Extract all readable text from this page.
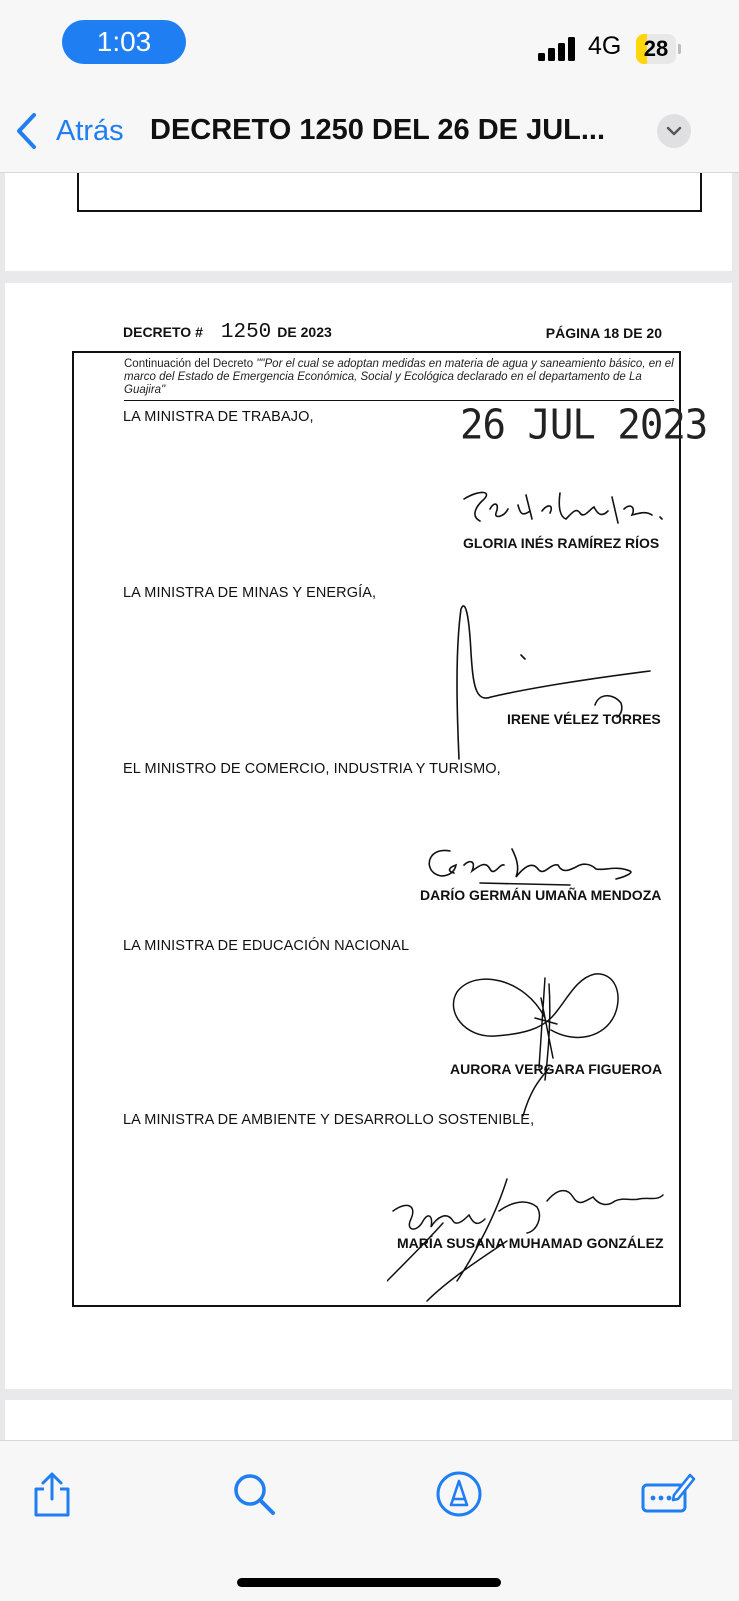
1:03	4G	28
Atrás DECRETO 1250 DEL 26 DE JUL...
DECRETO # 1250 DE 2023	PÁGINA 18 DE 20
Continuación del Decreto ""Por el cual se adoptan medidas en materia de agua y saneamiento básico, en el marco del Estado de Emergencia Económica, Social y Ecológica declarado en el departamento de La Guajira"
26 JUL 2023
LA MINISTRA DE TRABAJO,
GLORIA INÉS RAMÍREZ RÍOS
LA MINISTRA DE MINAS Y ENERGÍA,
IRENE VÉLEZ TORRES
EL MINISTRO DE COMERCIO, INDUSTRIA Y TURISMO,
DARÍO GERMÁN UMAÑA MENDOZA
LA MINISTRA DE EDUCACIÓN NACIONAL
AURORA VERGARA FIGUEROA
LA MINISTRA DE AMBIENTE Y DESARROLLO SOSTENIBLE,
MARÍA SUSANA MUHAMAD GONZÁLEZ
